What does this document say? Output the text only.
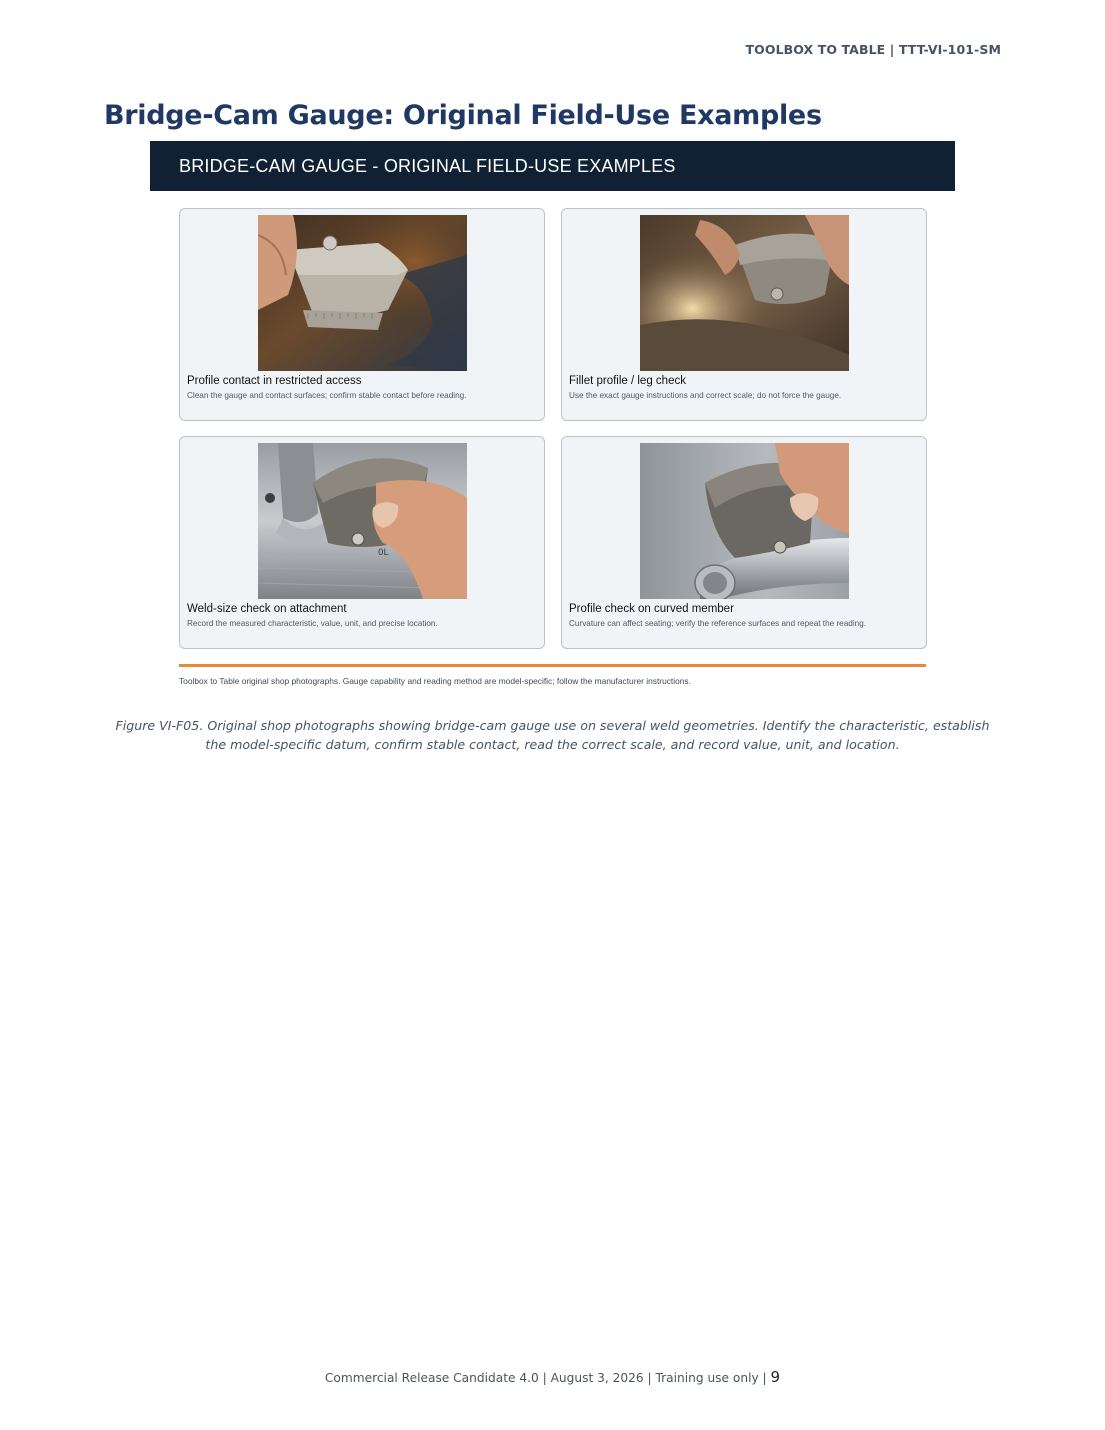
TOOLBOX TO TABLE | TTT-VI-101-SM
Bridge-Cam Gauge: Original Field-Use Examples
BRIDGE-CAM GAUGE - ORIGINAL FIELD-USE EXAMPLES
Profile contact in restricted access
Clean the gauge and contact surfaces; confirm stable contact before reading.
Fillet profile / leg check
Use the exact gauge instructions and correct scale; do not force the gauge.
OL
Weld-size check on attachment
Record the measured characteristic, value, unit, and precise location.
Profile check on curved member
Curvature can affect seating; verify the reference surfaces and repeat the reading.
Toolbox to Table original shop photographs. Gauge capability and reading method are model-specific; follow the manufacturer instructions.

Figure VI-F05. Original shop photographs showing bridge-cam gauge use on several weld geometries. Identify the characteristic, establish the model-specific datum, confirm stable contact, read the correct scale, and record value, unit, and location.

Commercial Release Candidate 4.0 | August 3, 2026 | Training use only | 9
